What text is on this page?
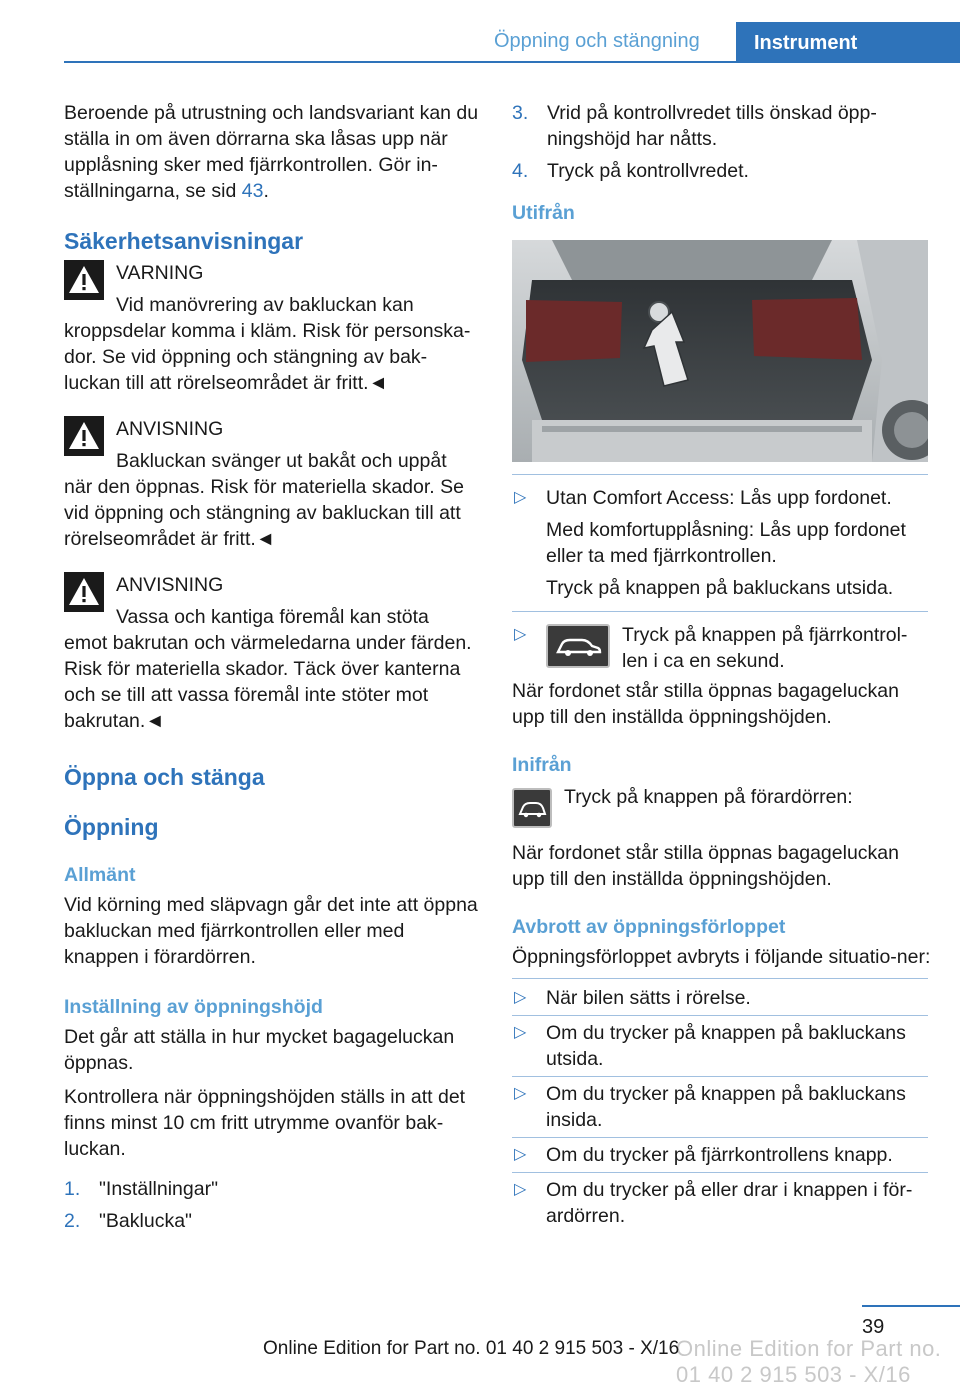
Öppning och stängning	Instrument

Beroende på utrustning och landsvariant kan du ställa in om även dörrarna ska låsas upp när upplåsning sker med fjärrkontrollen. Gör in-ställningarna, se sid 43.

Säkerhetsanvisningar

VARNING

Vid manövrering av bakluckan kan

kroppsdelar komma i kläm. Risk för personska-dor. Se vid öppning och stängning av bak-luckan till att rörelseområdet är fritt.◄

ANVISNING

Bakluckan svänger ut bakåt och uppåt

när den öppnas. Risk för materiella skador. Se vid öppning och stängning av bakluckan till att rörelseområdet är fritt.◄

ANVISNING

Vassa och kantiga föremål kan stöta

emot bakrutan och värmeledarna under färden. Risk för materiella skador. Täck över kanterna och se till att vassa föremål inte stöter mot bakrutan.◄

Öppna och stänga
Öppning
Allmänt

Vid körning med släpvagn går det inte att öppna bakluckan med fjärrkontrollen eller med knappen i förardörren.

Inställning av öppningshöjd

Det går att ställa in hur mycket bagageluckan öppnas.

Kontrollera när öppningshöjden ställs in att det finns minst 10 cm fritt utrymme ovanför bak-luckan.

1. "Inställningar"
2. "Baklucka"
3. Vrid på kontrollvredet tills önskad öpp-ningshöjd har nåtts.
4. Tryck på kontrollvredet.
Utifrån
▷ Utan Comfort Access: Lås upp fordonet.

Med komfortupplåsning: Lås upp fordonet eller ta med fjärrkontrollen.

Tryck på knappen på bakluckans utsida.

▷	Tryck på knappen på fjärrkontrol-len i ca en sekund.

När fordonet står stilla öppnas bagageluckan upp till den inställda öppningshöjden.

Inifrån

Tryck på knappen på förardörren:

När fordonet står stilla öppnas bagageluckan upp till den inställda öppningshöjden.

Avbrott av öppningsförloppet

Öppningsförloppet avbryts i följande situatio-ner:

▷ När bilen sätts i rörelse.
▷ Om du trycker på knappen på bakluckans utsida.
▷ Om du trycker på knappen på bakluckans insida.
▷ Om du trycker på fjärrkontrollens knapp.
▷ Om du trycker på eller drar i knappen i för-ardörren.
39
Online Edition for Part no. 01 40 2 915 503 - X/16
Online Edition for Part no. 01 40 2 915 503 - X/16
